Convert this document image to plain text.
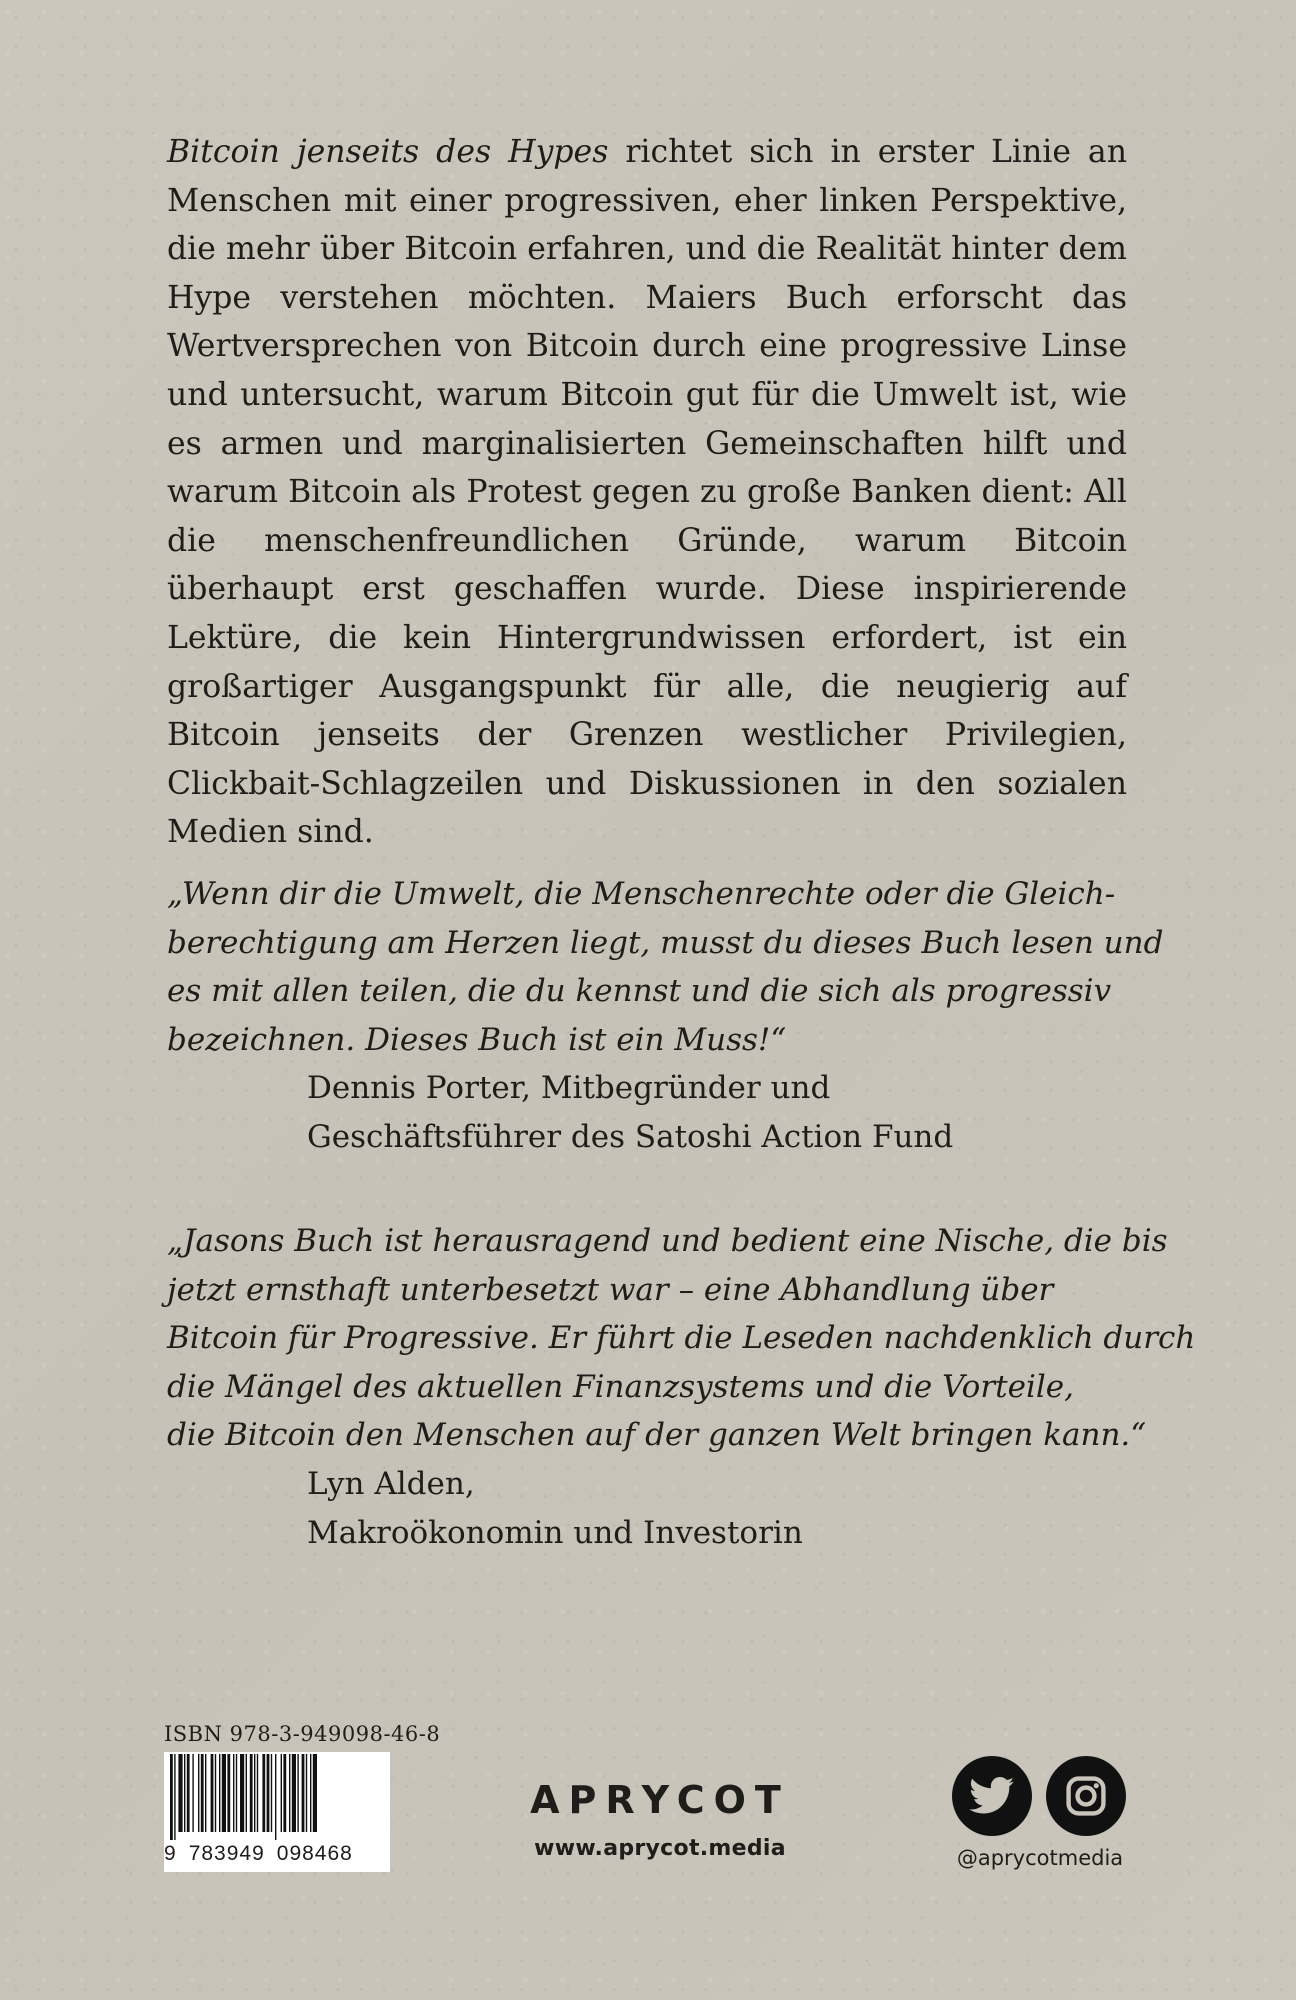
Bitcoin jenseits des Hypes richtet sich in erster Linie an Menschen mit einer progressiven, eher linken Perspektive, die mehr über Bitcoin erfahren, und die Realität hinter dem Hype verstehen möchten. Maiers Buch erforscht das Wertversprechen von Bitcoin durch eine progressive Linse und untersucht, warum Bitcoin gut für die Umwelt ist, wie es armen und marginalisierten Gemeinschaften hilft und warum Bitcoin als Protest gegen zu große Banken dient: All die menschenfreundlichen Gründe, warum Bitcoin überhaupt erst geschaffen wurde. Diese inspirierende Lektüre, die kein Hintergrundwissen erfordert, ist ein großartiger Ausgangspunkt für alle, die neugierig auf Bitcoin jenseits der Grenzen westlicher Privilegien, Clickbait-Schlagzeilen und Diskussionen in den sozialen Medien sind.

„Wenn dir die Umwelt, die Menschenrechte oder die Gleich-
berechtigung am Herzen liegt, musst du dieses Buch lesen und
es mit allen teilen, die du kennst und die sich als progressiv
bezeichnen. Dieses Buch ist ein Muss!“

Dennis Porter, Mitbegründer und
Geschäftsführer des Satoshi Action Fund

„Jasons Buch ist herausragend und bedient eine Nische, die bis
jetzt ernsthaft unterbesetzt war – eine Abhandlung über
Bitcoin für Progressive. Er führt die Leseden nachdenklich durch
die Mängel des aktuellen Finanzsystems und die Vorteile,
die Bitcoin den Menschen auf der ganzen Welt bringen kann.“

Lyn Alden,
Makroökonomin und Investorin
ISBN 978-3-949098-46-8
9 783949 098468
APRYCOT
www.aprycot.media	@aprycotmedia
